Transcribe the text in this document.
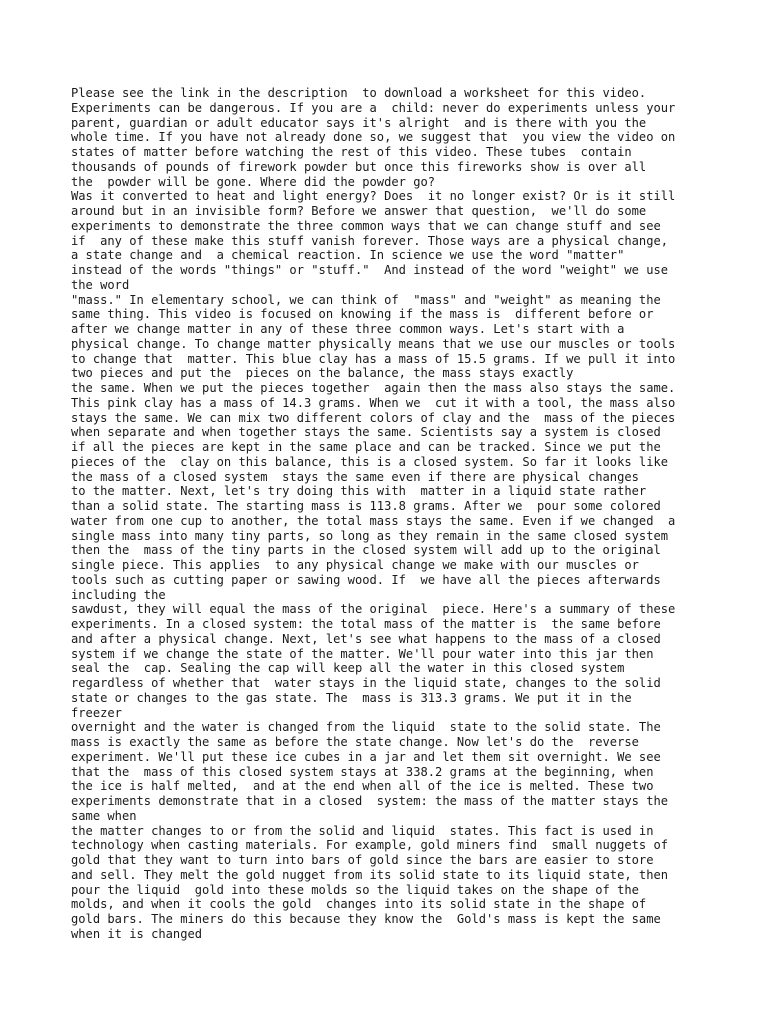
Please see the link in the description  to download a worksheet for this video.
Experiments can be dangerous. If you are a  child: never do experiments unless your
parent, guardian or adult educator says it's alright  and is there with you the
whole time. If you have not already done so, we suggest that  you view the video on
states of matter before watching the rest of this video. These tubes  contain
thousands of pounds of firework powder but once this fireworks show is over all
the  powder will be gone. Where did the powder go?
Was it converted to heat and light energy? Does  it no longer exist? Or is it still
around but in an invisible form? Before we answer that question,  we'll do some
experiments to demonstrate the three common ways that we can change stuff and see
if  any of these make this stuff vanish forever. Those ways are a physical change,
a state change and  a chemical reaction. In science we use the word "matter"
instead of the words "things" or "stuff."  And instead of the word "weight" we use
the word
"mass." In elementary school, we can think of  "mass" and "weight" as meaning the
same thing. This video is focused on knowing if the mass is  different before or
after we change matter in any of these three common ways. Let's start with a
physical change. To change matter physically means that we use our muscles or tools
to change that  matter. This blue clay has a mass of 15.5 grams. If we pull it into
two pieces and put the  pieces on the balance, the mass stays exactly
the same. When we put the pieces together  again then the mass also stays the same.
This pink clay has a mass of 14.3 grams. When we  cut it with a tool, the mass also
stays the same. We can mix two different colors of clay and the  mass of the pieces
when separate and when together stays the same. Scientists say a system is closed
if all the pieces are kept in the same place and can be tracked. Since we put the
pieces of the  clay on this balance, this is a closed system. So far it looks like
the mass of a closed system  stays the same even if there are physical changes
to the matter. Next, let's try doing this with  matter in a liquid state rather
than a solid state. The starting mass is 113.8 grams. After we  pour some colored
water from one cup to another, the total mass stays the same. Even if we changed  a
single mass into many tiny parts, so long as they remain in the same closed system
then the  mass of the tiny parts in the closed system will add up to the original
single piece. This applies  to any physical change we make with our muscles or
tools such as cutting paper or sawing wood. If  we have all the pieces afterwards
including the
sawdust, they will equal the mass of the original  piece. Here's a summary of these
experiments. In a closed system: the total mass of the matter is  the same before
and after a physical change. Next, let's see what happens to the mass of a closed
system if we change the state of the matter. We'll pour water into this jar then
seal the  cap. Sealing the cap will keep all the water in this closed system
regardless of whether that  water stays in the liquid state, changes to the solid
state or changes to the gas state. The  mass is 313.3 grams. We put it in the
freezer
overnight and the water is changed from the liquid  state to the solid state. The
mass is exactly the same as before the state change. Now let's do the  reverse
experiment. We'll put these ice cubes in a jar and let them sit overnight. We see
that the  mass of this closed system stays at 338.2 grams at the beginning, when
the ice is half melted,  and at the end when all of the ice is melted. These two
experiments demonstrate that in a closed  system: the mass of the matter stays the
same when
the matter changes to or from the solid and liquid  states. This fact is used in
technology when casting materials. For example, gold miners find  small nuggets of
gold that they want to turn into bars of gold since the bars are easier to store
and sell. They melt the gold nugget from its solid state to its liquid state, then
pour the liquid  gold into these molds so the liquid takes on the shape of the
molds, and when it cools the gold  changes into its solid state in the shape of
gold bars. The miners do this because they know the  Gold's mass is kept the same
when it is changed
